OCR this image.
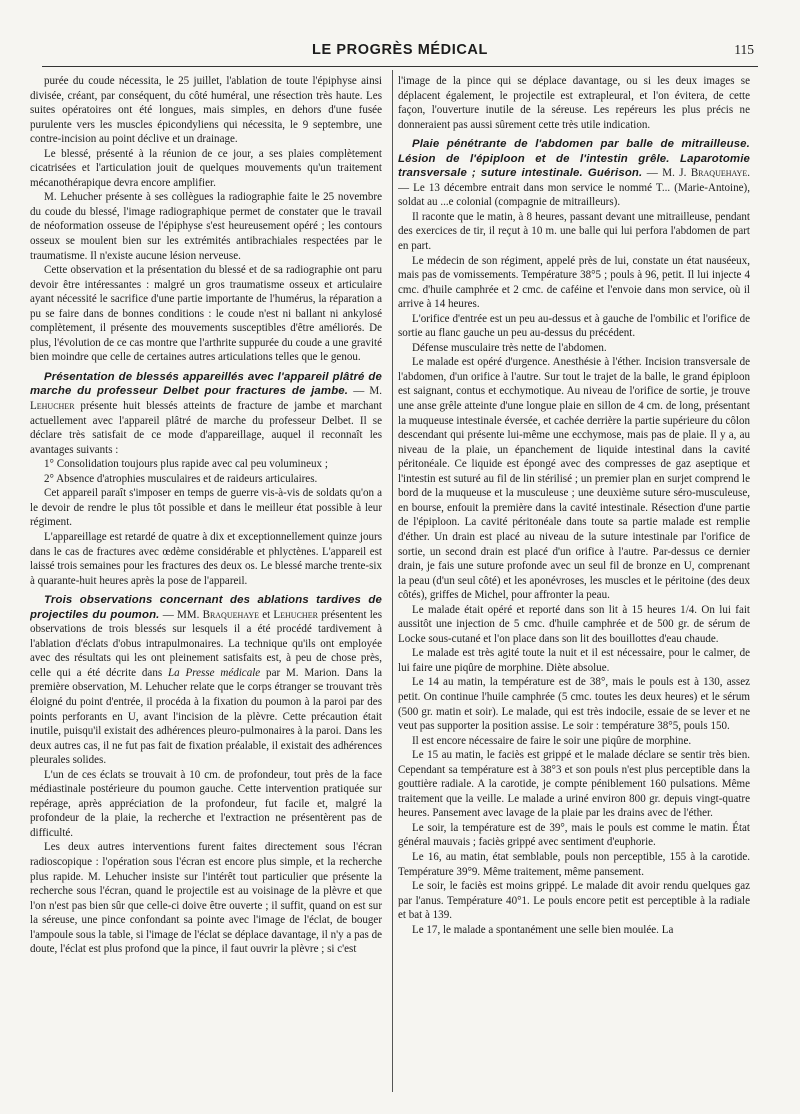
LE PROGRÈS MÉDICAL	115

purée du coude nécessita, le 25 juillet, l'ablation de toute l'épiphyse ainsi divisée, créant, par conséquent, du côté huméral, une résection très haute. Les suites opératoires ont été longues, mais simples, en dehors d'une fusée purulente vers les muscles épicondyliens qui nécessita, le 9 septembre, une contre-incision au point déclive et un drainage.

Le blessé, présenté à la réunion de ce jour, a ses plaies complètement cicatrisées et l'articulation jouit de quelques mouvements qu'un traitement mécanothérapique devra encore amplifier.

M. Lehucher présente à ses collègues la radiographie faite le 25 novembre du coude du blessé, l'image radiographique permet de constater que le travail de néoformation osseuse de l'épiphyse s'est heureusement opéré ; les contours osseux se moulent bien sur les extrémités antibrachiales respectées par le traumatisme. Il n'existe aucune lésion nerveuse.

Cette observation et la présentation du blessé et de sa radiographie ont paru devoir être intéressantes : malgré un gros traumatisme osseux et articulaire ayant nécessité le sacrifice d'une partie importante de l'humérus, la réparation a pu se faire dans de bonnes conditions : le coude n'est ni ballant ni ankylosé complètement, il présente des mouvements susceptibles d'être améliorés. De plus, l'évolution de ce cas montre que l'arthrite suppurée du coude a une gravité bien moindre que celle de certaines autres articulations telles que le genou.

Présentation de blessés appareillés avec l'appareil plâtré de marche du professeur Delbet pour fractures de jambe. — M. Lehucher présente huit blessés atteints de fracture de jambe et marchant actuellement avec l'appareil plâtré de marche du professeur Delbet. Il se déclare très satisfait de ce mode d'appareillage, auquel il reconnaît les avantages suivants :

1° Consolidation toujours plus rapide avec cal peu volumineux ;

2° Absence d'atrophies musculaires et de raideurs articulaires.

Cet appareil paraît s'imposer en temps de guerre vis-à-vis de soldats qu'on a le devoir de rendre le plus tôt possible et dans le meilleur état possible à leur régiment.

L'appareillage est retardé de quatre à dix et exceptionnellement quinze jours dans le cas de fractures avec œdème considérable et phlyctènes. L'appareil est laissé trois semaines pour les fractures des deux os. Le blessé marche trente-six à quarante-huit heures après la pose de l'appareil.

Trois observations concernant des ablations tardives de projectiles du poumon. — MM. Braquehaye et Lehucher présentent les observations de trois blessés sur lesquels il a été procédé tardivement à l'ablation d'éclats d'obus intrapulmonaires. La technique qu'ils ont employée avec des résultats qui les ont pleinement satisfaits est, à peu de chose près, celle qui a été décrite dans La Presse médicale par M. Marion. Dans la première observation, M. Lehucher relate que le corps étranger se trouvant très éloigné du point d'entrée, il procéda à la fixation du poumon à la paroi par des points perforants en U, avant l'incision de la plèvre. Cette précaution était inutile, puisqu'il existait des adhérences pleuro-pulmonaires à la paroi. Dans les deux autres cas, il ne fut pas fait de fixation préalable, il existait des adhérences pleurales solides.

L'un de ces éclats se trouvait à 10 cm. de profondeur, tout près de la face médiastinale postérieure du poumon gauche. Cette intervention pratiquée sur repérage, après appréciation de la profondeur, fut facile et, malgré la profondeur de la plaie, la recherche et l'extraction ne présentèrent pas de difficulté.

Les deux autres interventions furent faites directement sous l'écran radioscopique : l'opération sous l'écran est encore plus simple, et la recherche plus rapide. M. Lehucher insiste sur l'intérêt tout particulier que présente la recherche sous l'écran, quand le projectile est au voisinage de la plèvre et que l'on n'est pas bien sûr que celle-ci doive être ouverte ; il suffit, quand on est sur la séreuse, une pince confondant sa pointe avec l'image de l'éclat, de bouger l'ampoule sous la table, si l'image de l'éclat se déplace davantage, il n'y a pas de doute, l'éclat est plus profond que la pince, il faut ouvrir la plèvre ; si c'est

l'image de la pince qui se déplace davantage, ou si les deux images se déplacent également, le projectile est extrapleural, et l'on évitera, de cette façon, l'ouverture inutile de la séreuse. Les repéreurs les plus précis ne donneraient pas aussi sûrement cette très utile indication.

Plaie pénétrante de l'abdomen par balle de mitrailleuse. Lésion de l'épiploon et de l'intestin grêle. Laparotomie transversale ; suture intestinale. Guérison. — M. J. Braquehaye. — Le 13 décembre entrait dans mon service le nommé T... (Marie-Antoine), soldat au ...e colonial (compagnie de mitrailleurs).

Il raconte que le matin, à 8 heures, passant devant une mitrailleuse, pendant des exercices de tir, il reçut à 10 m. une balle qui lui perfora l'abdomen de part en part.

Le médecin de son régiment, appelé près de lui, constate un état nauséeux, mais pas de vomissements. Température 38°5 ; pouls à 96, petit. Il lui injecte 4 cmc. d'huile camphrée et 2 cmc. de caféine et l'envoie dans mon service, où il arrive à 14 heures.

L'orifice d'entrée est un peu au-dessus et à gauche de l'ombilic et l'orifice de sortie au flanc gauche un peu au-dessus du précédent.

Défense musculaire très nette de l'abdomen.

Le malade est opéré d'urgence. Anesthésie à l'éther. Incision transversale de l'abdomen, d'un orifice à l'autre. Sur tout le trajet de la balle, le grand épiploon est saignant, contus et ecchymotique. Au niveau de l'orifice de sortie, je trouve une anse grêle atteinte d'une longue plaie en sillon de 4 cm. de long, présentant la muqueuse intestinale éversée, et cachée derrière la partie supérieure du côlon descendant qui présente lui-même une ecchymose, mais pas de plaie. Il y a, au niveau de la plaie, un épanchement de liquide intestinal dans la cavité péritonéale. Ce liquide est épongé avec des compresses de gaz aseptique et l'intestin est suturé au fil de lin stérilisé ; un premier plan en surjet comprend le bord de la muqueuse et la musculeuse ; une deuxième suture séro-musculeuse, en bourse, enfouit la première dans la cavité intestinale. Résection d'une partie de l'épiploon. La cavité péritonéale dans toute sa partie malade est remplie d'éther. Un drain est placé au niveau de la suture intestinale par l'orifice de sortie, un second drain est placé d'un orifice à l'autre. Par-dessus ce dernier drain, je fais une suture profonde avec un seul fil de bronze en U, comprenant la peau (d'un seul côté) et les aponévroses, les muscles et le péritoine (des deux côtés), griffes de Michel, pour affronter la peau.

Le malade était opéré et reporté dans son lit à 15 heures 1/4. On lui fait aussitôt une injection de 5 cmc. d'huile camphrée et de 500 gr. de sérum de Locke sous-cutané et l'on place dans son lit des bouillottes d'eau chaude.

Le malade est très agité toute la nuit et il est nécessaire, pour le calmer, de lui faire une piqûre de morphine. Diète absolue.

Le 14 au matin, la température est de 38°, mais le pouls est à 130, assez petit. On continue l'huile camphrée (5 cmc. toutes les deux heures) et le sérum (500 gr. matin et soir). Le malade, qui est très indocile, essaie de se lever et ne veut pas supporter la position assise. Le soir : température 38°5, pouls 150.

Il est encore nécessaire de faire le soir une piqûre de morphine.

Le 15 au matin, le faciès est grippé et le malade déclare se sentir très bien. Cependant sa température est à 38°3 et son pouls n'est plus perceptible dans la gouttière radiale. A la carotide, je compte péniblement 160 pulsations. Même traitement que la veille. Le malade a uriné environ 800 gr. depuis vingt-quatre heures. Pansement avec lavage de la plaie par les drains avec de l'éther.

Le soir, la température est de 39°, mais le pouls est comme le matin. État général mauvais ; faciès grippé avec sentiment d'euphorie.

Le 16, au matin, état semblable, pouls non perceptible, 155 à la carotide. Température 39°9. Même traitement, même pansement.

Le soir, le faciès est moins grippé. Le malade dit avoir rendu quelques gaz par l'anus. Température 40°1. Le pouls encore petit est perceptible à la radiale et bat à 139.

Le 17, le malade a spontanément une selle bien moulée. La
